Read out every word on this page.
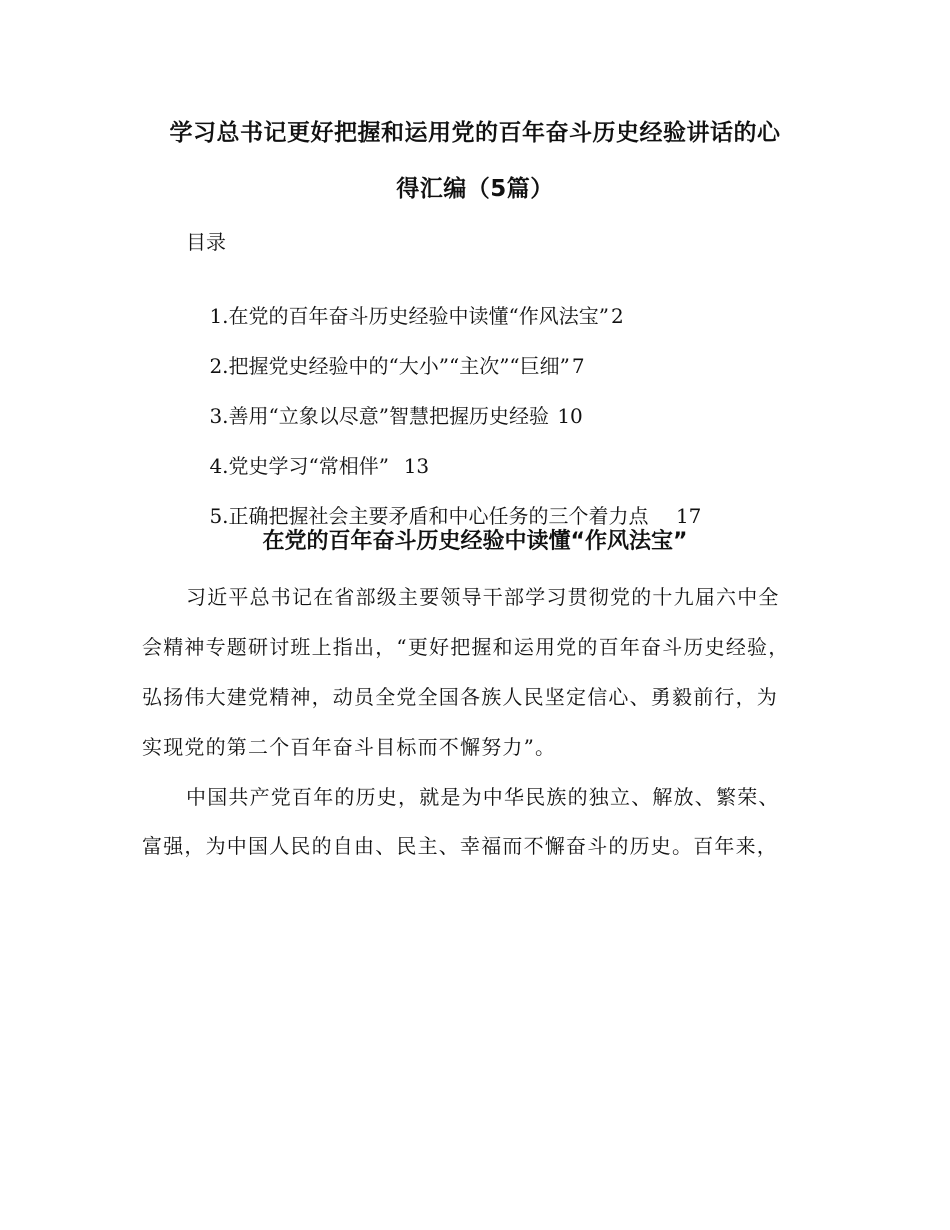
学习总书记更好把握和运用党的百年奋斗历史经验讲话的心
得汇编（5篇）
目录

1.在党的百年奋斗历史经验中读懂“作风法宝” 2

2.把握党史经验中的“大小”“主次”“巨细” 7

3.善用“立象以尽意”智慧把握历史经验 10

4.党史学习“常相伴”  13

5.正确把握社会主要矛盾和中心任务的三个着力点    17

在党的百年奋斗历史经验中读懂“作风法宝”
习近平总书记在省部级主要领导干部学习贯彻党的十九届六中全
会精神专题研讨班上指出，“更好把握和运用党的百年奋斗历史经验，
弘扬伟大建党精神，动员全党全国各族人民坚定信心、勇毅前行，为
实现党的第二个百年奋斗目标而不懈努力”。
中国共产党百年的历史，就是为中华民族的独立、解放、繁荣、
富强，为中国人民的自由、民主、幸福而不懈奋斗的历史。百年来，
